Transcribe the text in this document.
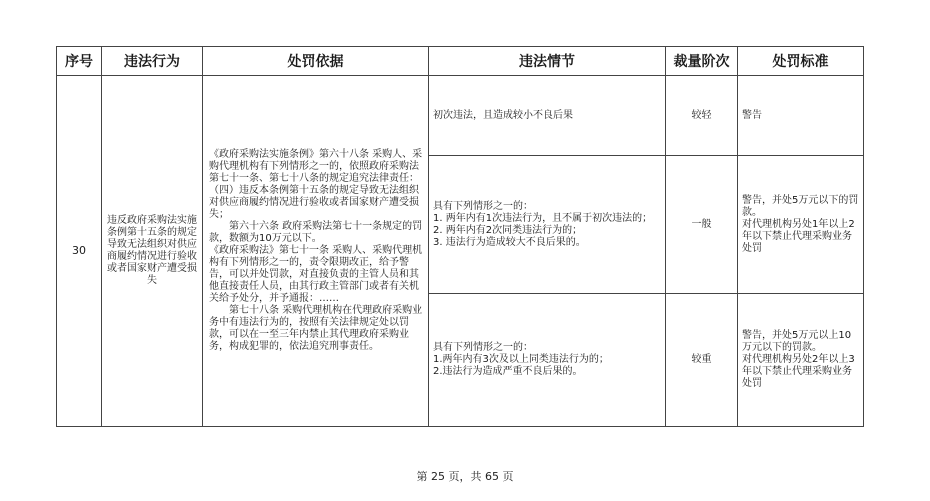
序号	违法行为	处罚依据	违法情节	裁量阶次	处罚标准
30	违反政府采购法实施条例第十五条的规定导致无法组织对供应商履约情况进行验收或者国家财产遭受损失	《政府采购法实施条例》第六十八条 采购人、采购代理机构有下列情形之一的，依照政府采购法第七十一条、第七十八条的规定追究法律责任：
（四）违反本条例第十五条的规定导致无法组织对供应商履约情况进行验收或者国家财产遭受损失；
　　第六十六条 政府采购法第七十一条规定的罚款，数额为10万元以下。
《政府采购法》第七十一条 采购人、采购代理机构有下列情形之一的，责令限期改正，给予警告，可以并处罚款，对直接负责的主管人员和其他直接责任人员，由其行政主管部门或者有关机关给予处分，并予通报：……
　　第七十八条 采购代理机构在代理政府采购业务中有违法行为的，按照有关法律规定处以罚款，可以在一至三年内禁止其代理政府采购业务，构成犯罪的，依法追究刑事责任。	初次违法，且造成较小不良后果	较轻	警告
			具有下列情形之一的：
1. 两年内有1次违法行为，且不属于初次违法的；
2. 两年内有2次同类违法行为的；
3. 违法行为造成较大不良后果的。	一般	警告，并处5万元以下的罚款。
对代理机构另处1年以上2年以下禁止代理采购业务处罚
			具有下列情形之一的：
1.两年内有3次及以上同类违法行为的；
2.违法行为造成严重不良后果的。	较重	警告，并处5万元以上10万元以下的罚款。
对代理机构另处2年以上3年以下禁止代理采购业务处罚
第 25 页，共 65 页
